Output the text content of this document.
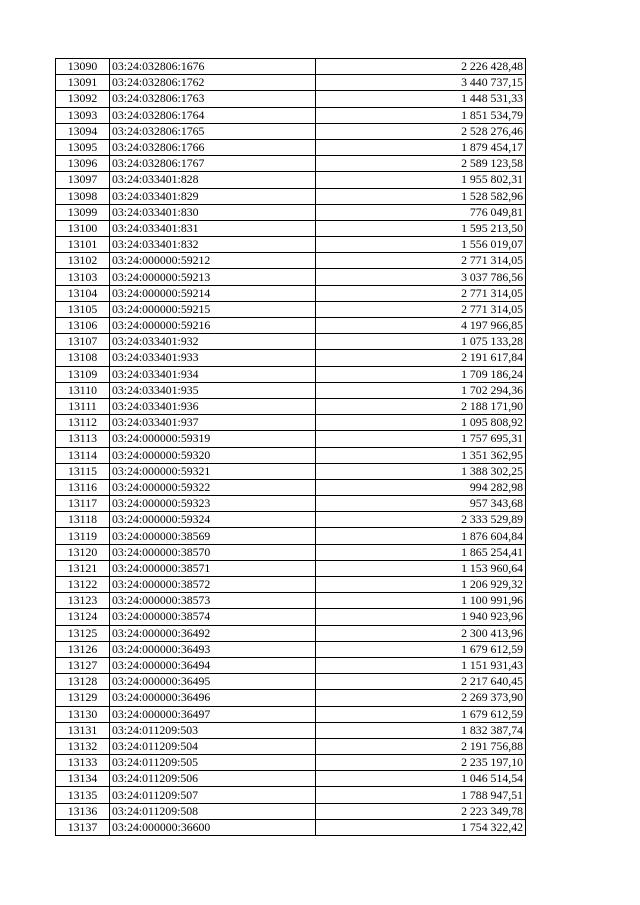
13090	03:24:032806:1676	2 226 428,48
13091	03:24:032806:1762	3 440 737,15
13092	03:24:032806:1763	1 448 531,33
13093	03:24:032806:1764	1 851 534,79
13094	03:24:032806:1765	2 528 276,46
13095	03:24:032806:1766	1 879 454,17
13096	03:24:032806:1767	2 589 123,58
13097	03:24:033401:828	1 955 802,31
13098	03:24:033401:829	1 528 582,96
13099	03:24:033401:830	776 049,81
13100	03:24:033401:831	1 595 213,50
13101	03:24:033401:832	1 556 019,07
13102	03:24:000000:59212	2 771 314,05
13103	03:24:000000:59213	3 037 786,56
13104	03:24:000000:59214	2 771 314,05
13105	03:24:000000:59215	2 771 314,05
13106	03:24:000000:59216	4 197 966,85
13107	03:24:033401:932	1 075 133,28
13108	03:24:033401:933	2 191 617,84
13109	03:24:033401:934	1 709 186,24
13110	03:24:033401:935	1 702 294,36
13111	03:24:033401:936	2 188 171,90
13112	03:24:033401:937	1 095 808,92
13113	03:24:000000:59319	1 757 695,31
13114	03:24:000000:59320	1 351 362,95
13115	03:24:000000:59321	1 388 302,25
13116	03:24:000000:59322	994 282,98
13117	03:24:000000:59323	957 343,68
13118	03:24:000000:59324	2 333 529,89
13119	03:24:000000:38569	1 876 604,84
13120	03:24:000000:38570	1 865 254,41
13121	03:24:000000:38571	1 153 960,64
13122	03:24:000000:38572	1 206 929,32
13123	03:24:000000:38573	1 100 991,96
13124	03:24:000000:38574	1 940 923,96
13125	03:24:000000:36492	2 300 413,96
13126	03:24:000000:36493	1 679 612,59
13127	03:24:000000:36494	1 151 931,43
13128	03:24:000000:36495	2 217 640,45
13129	03:24:000000:36496	2 269 373,90
13130	03:24:000000:36497	1 679 612,59
13131	03:24:011209:503	1 832 387,74
13132	03:24:011209:504	2 191 756,88
13133	03:24:011209:505	2 235 197,10
13134	03:24:011209:506	1 046 514,54
13135	03:24:011209:507	1 788 947,51
13136	03:24:011209:508	2 223 349,78
13137	03:24:000000:36600	1 754 322,42
